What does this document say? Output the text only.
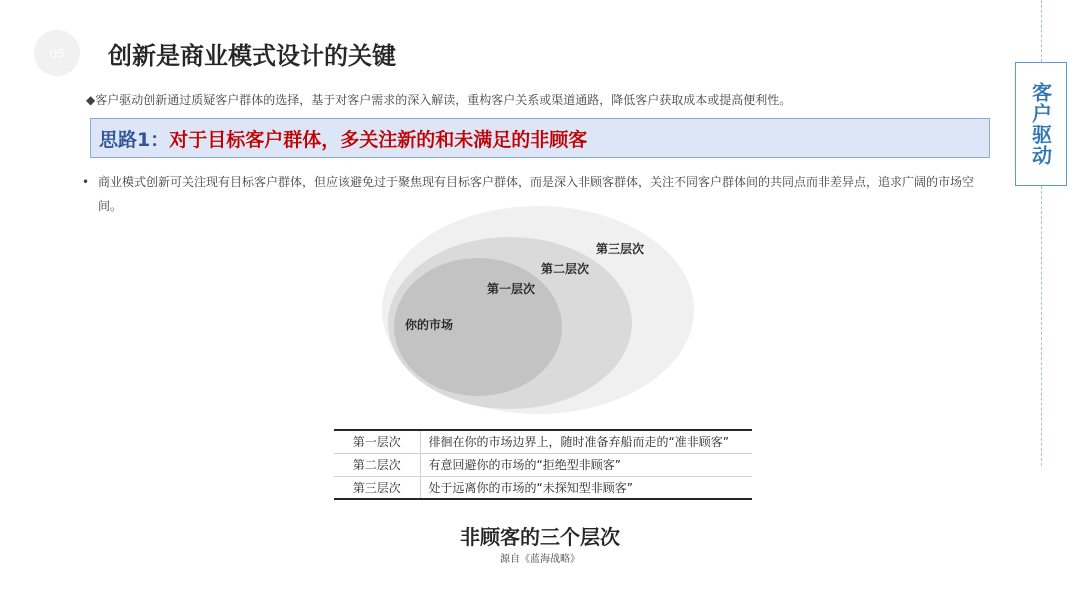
05 创新是商业模式设计的关键
客户驱动
◆客户驱动创新通过质疑客户群体的选择，基于对客户需求的深入解读，重构客户关系或渠道通路，降低客户获取成本或提高便利性。
思路1： 对于目标客户群体，多关注新的和未满足的非顾客
• 商业模式创新可关注现有目标客户群体，但应该避免过于聚焦现有目标客户群体，而是深入非顾客群体，关注不同客户群体间的共同点而非差异点，追求广阔的市场空间。
第三层次
第二层次
第一层次
你的市场
第一层次	徘徊在你的市场边界上，随时准备弃船而走的“准非顾客”
第二层次	有意回避你的市场的“拒绝型非顾客”
第三层次	处于远离你的市场的“未探知型非顾客”
非顾客的三个层次
源自《蓝海战略》
